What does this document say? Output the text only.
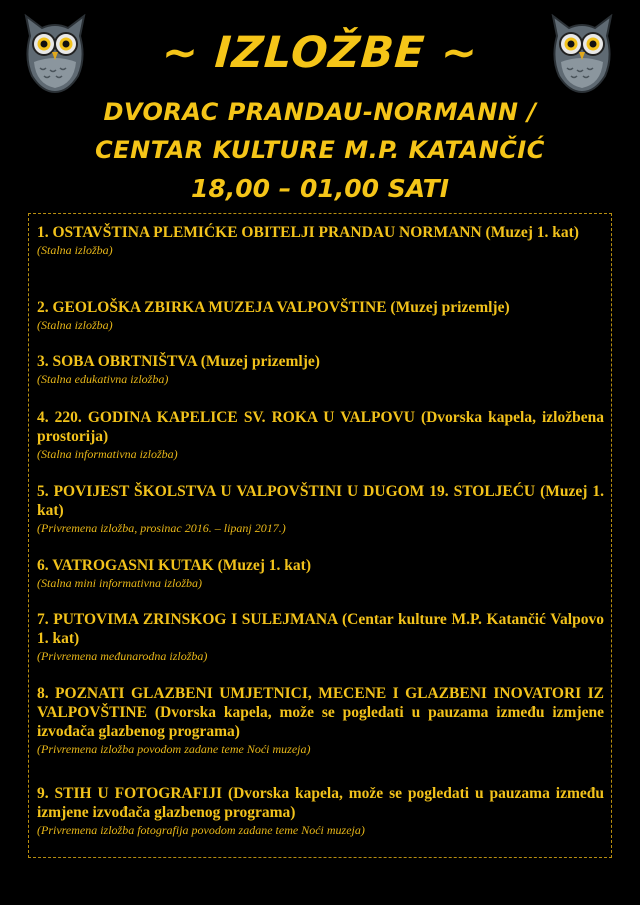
~ IZLOŽBE ~
DVORAC PRANDAU-NORMANN /
CENTAR KULTURE M.P. KATANČIĆ
18,00 – 01,00 SATI
1. OSTAVŠTINA PLEMIĆKE OBITELJI PRANDAU NORMANN (Muzej 1. kat)
(Stalna izložba)
2. GEOLOŠKA ZBIRKA MUZEJA VALPOVŠTINE (Muzej prizemlje)
(Stalna izložba)
3. SOBA OBRTNIŠTVA (Muzej prizemlje)
(Stalna edukativna izložba)
4. 220. GODINA KAPELICE SV. ROKA U VALPOVU (Dvorska kapela, izložbena prostorija)
(Stalna informativna izložba)
5. POVIJEST ŠKOLSTVA U VALPOVŠTINI U DUGOM 19. STOLJEĆU (Muzej 1. kat)
(Privremena izložba, prosinac 2016. – lipanj 2017.)
6. VATROGASNI KUTAK (Muzej 1. kat)
(Stalna mini informativna izložba)
7. PUTOVIMA ZRINSKOG I SULEJMANA (Centar kulture M.P. Katančić Valpovo 1. kat)
(Privremena međunarodna izložba)
8. POZNATI GLAZBENI UMJETNICI, MECENE I GLAZBENI INOVATORI IZ VALPOVŠTINE (Dvorska kapela, može se pogledati u pauzama između izmjene izvođača glazbenog programa)
(Privremena izložba povodom zadane teme Noći muzeja)
9. STIH U FOTOGRAFIJI (Dvorska kapela, može se pogledati u pauzama između izmjene izvođača glazbenog programa)
(Privremena izložba fotografija povodom zadane teme Noći muzeja)
